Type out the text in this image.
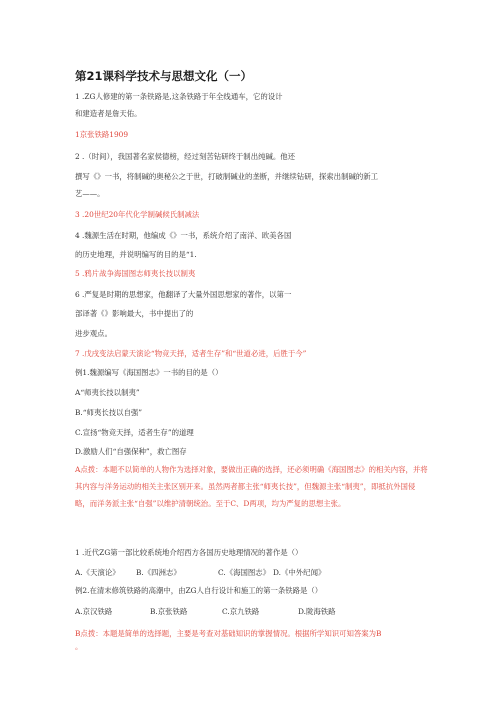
第21课科学技术与思想文化（一）
1 .ZG人修建的第一条铁路是,这条铁路于年全线通车，它的设计
和建造者是詹天佑。
1京张铁路1909
2 .（时间），我国著名家侯德榜，经过刻苦钻研终于制出纯碱。他还
撰写《》一书，将制碱的奥秘公之于世，打破制碱业的垄断，并继续钻研，探索出制碱的新工
艺——。
3 .20世纪20年代化学制碱候氏制减法
4 .魏源生活在时期，他编成《》一书，系统介绍了南洋、欧美各国
的历史地理，并说明编写的目的是“1.
5 .鸦片战争海国图志师夷长技以制夷
6 .严复是时期的思想家，他翻译了大量外国思想家的著作，以第一
部译著《》影响最大，书中提出了的
进步观点。
7 .戊戌变法启蒙天演论“物竞天择，适者生存”和“世道必进，后胜于今”
例1.魏源编写《海国图志》一书的目的是（）
A“师夷长技以制夷”
B.“师夷长技以自强”
C.宣扬“物竞天择，适者生存”的道理
D.激励人们“自强保种”，救亡图存
A点拨：本题不以简单的人物作为选择对象，要做出正确的选择，还必须明确《海国图志》的相关内容，并将其内容与洋务运动的相关主张区别开来。虽然两者都主张“师夷长技”，但魏源主张“制夷”，即抵抗外国侵略，而洋务派主张“自强”以维护清朝统治。至于C、D两项，均为严复的思想主张。
1 .近代ZG第一部比较系统地介绍西方各国历史地理情况的著作是（）
A.《天演论》 B.《四洲志》	C.《海国图志》 D.《中外纪闻》
例2.在清末修筑铁路的高潮中，由ZG人自行设计和施工的第一条铁路是（）
A.京汉铁路	B.京张铁路	C.京九铁路	D.陇海铁路
B点拨：本题是简单的选择题，主要是考查对基础知识的掌握情况。根据所学知识可知答案为B
。
